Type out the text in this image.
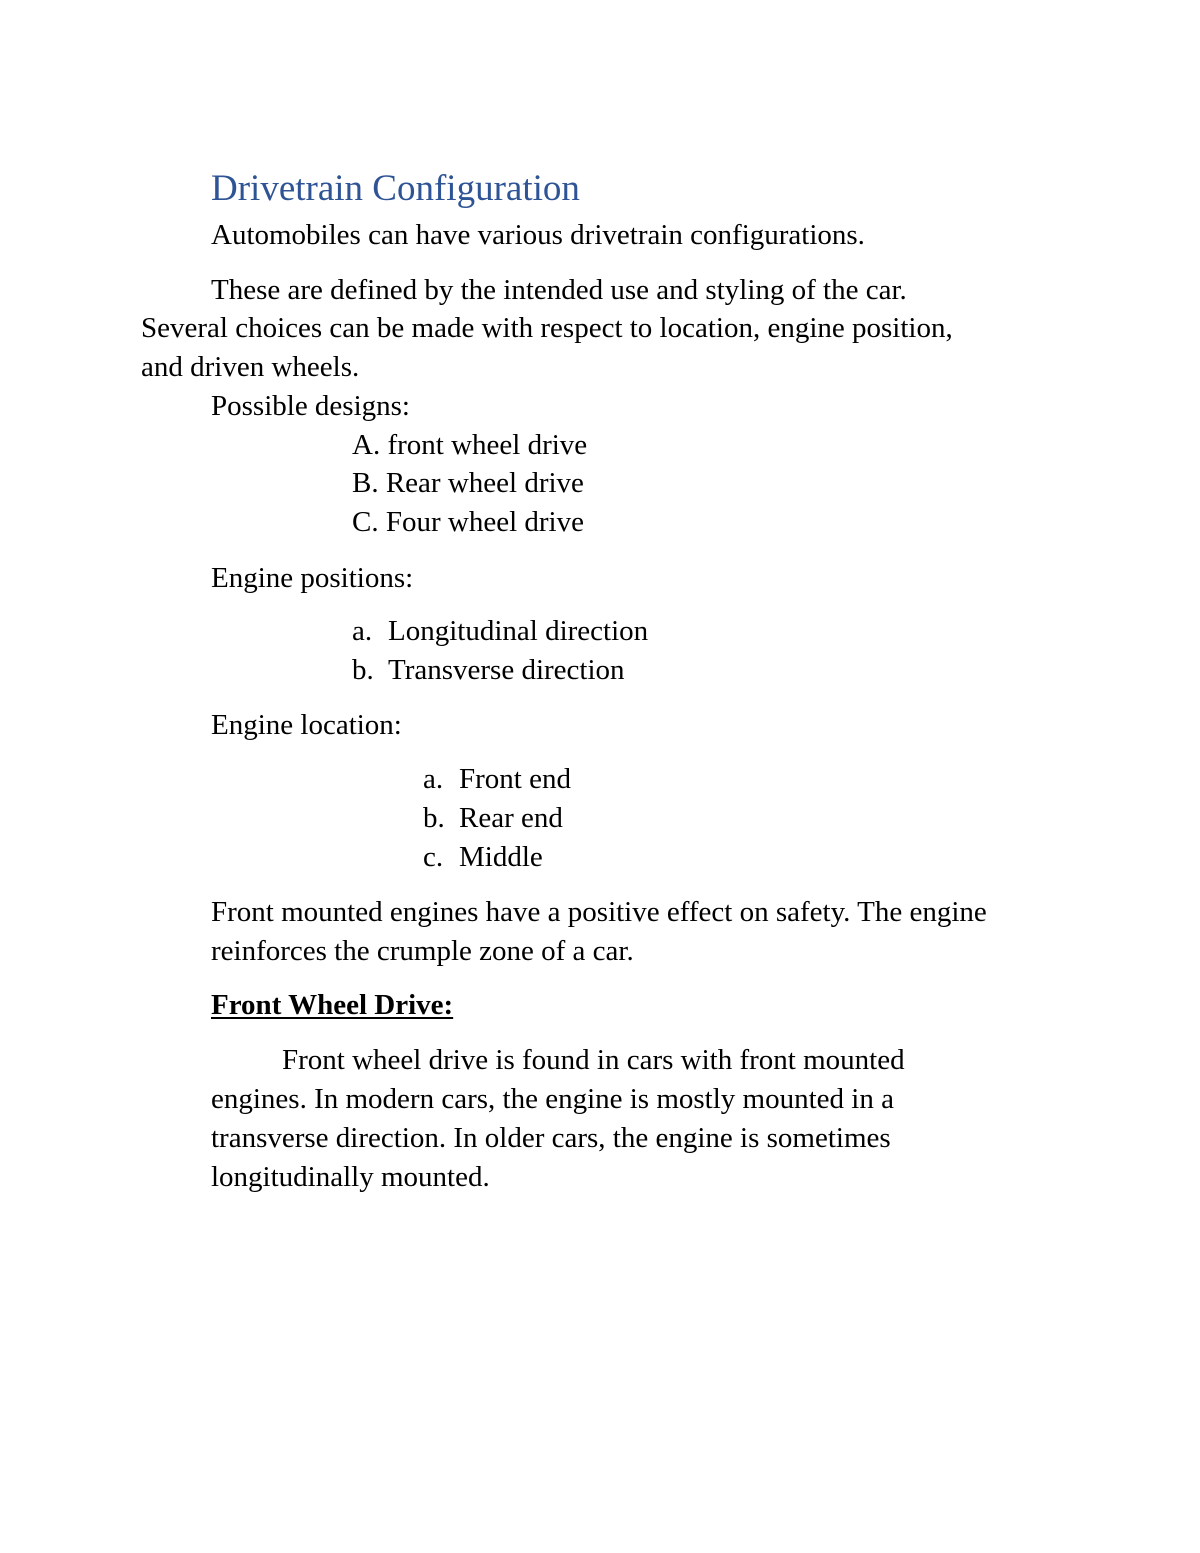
Drivetrain Configuration
Automobiles can have various drivetrain configurations.
These are defined by the intended use and styling of the car.
Several choices can be made with respect to location, engine position,
and driven wheels.
Possible designs:
A. front wheel drive
B. Rear wheel drive
C. Four wheel drive
Engine positions:
a. Longitudinal direction
b. Transverse direction
Engine location:
a. Front end
b. Rear end
c. Middle
Front mounted engines have a positive effect on safety. The engine
reinforces the crumple zone of a car.
Front Wheel Drive:
Front wheel drive is found in cars with front mounted
engines. In modern cars, the engine is mostly mounted in a
transverse direction. In older cars, the engine is sometimes
longitudinally mounted.
